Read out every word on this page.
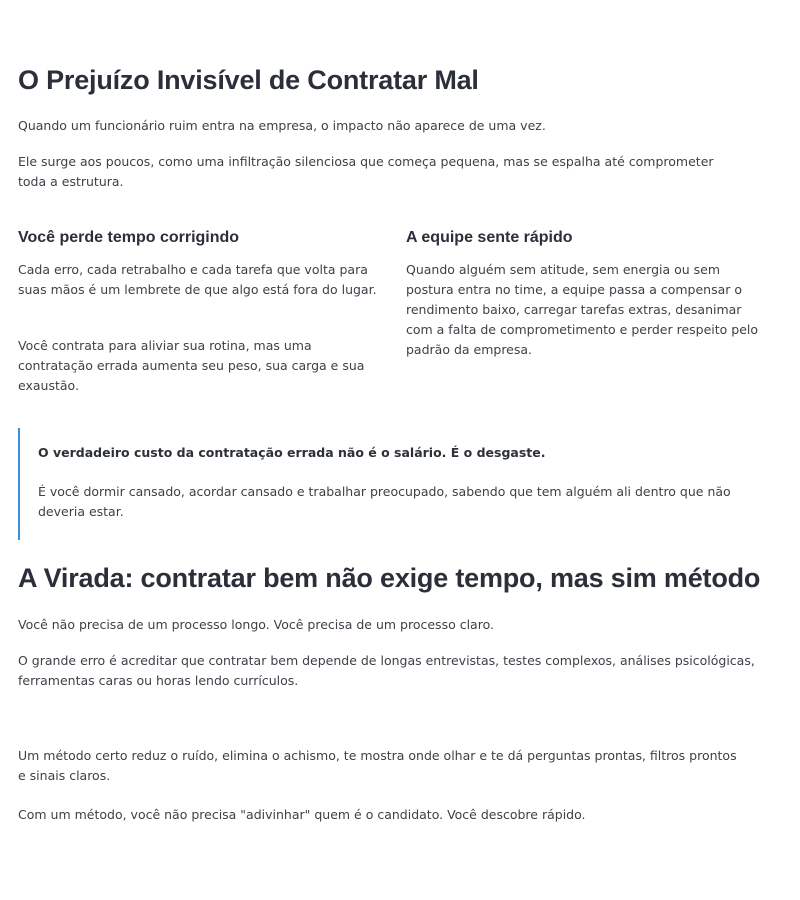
O Prejuízo Invisível de Contratar Mal

Quando um funcionário ruim entra na empresa, o impacto não aparece de uma vez.

Ele surge aos poucos, como uma infiltração silenciosa que começa pequena, mas se espalha até comprometer toda a estrutura.

Você perde tempo corrigindo

Cada erro, cada retrabalho e cada tarefa que volta para suas mãos é um lembrete de que algo está fora do lugar.

Você contrata para aliviar sua rotina, mas uma contratação errada aumenta seu peso, sua carga e sua exaustão.

A equipe sente rápido

Quando alguém sem atitude, sem energia ou sem postura entra no time, a equipe passa a compensar o rendimento baixo, carregar tarefas extras, desanimar com a falta de comprometimento e perder respeito pelo padrão da empresa.

O verdadeiro custo da contratação errada não é o salário. É o desgaste.

É você dormir cansado, acordar cansado e trabalhar preocupado, sabendo que tem alguém ali dentro que não deveria estar.

A Virada: contratar bem não exige tempo, mas sim método

Você não precisa de um processo longo. Você precisa de um processo claro.

O grande erro é acreditar que contratar bem depende de longas entrevistas, testes complexos, análises psicológicas, ferramentas caras ou horas lendo currículos.

Um método certo reduz o ruído, elimina o achismo, te mostra onde olhar e te dá perguntas prontas, filtros prontos e sinais claros.

Com um método, você não precisa "adivinhar" quem é o candidato. Você descobre rápido.
